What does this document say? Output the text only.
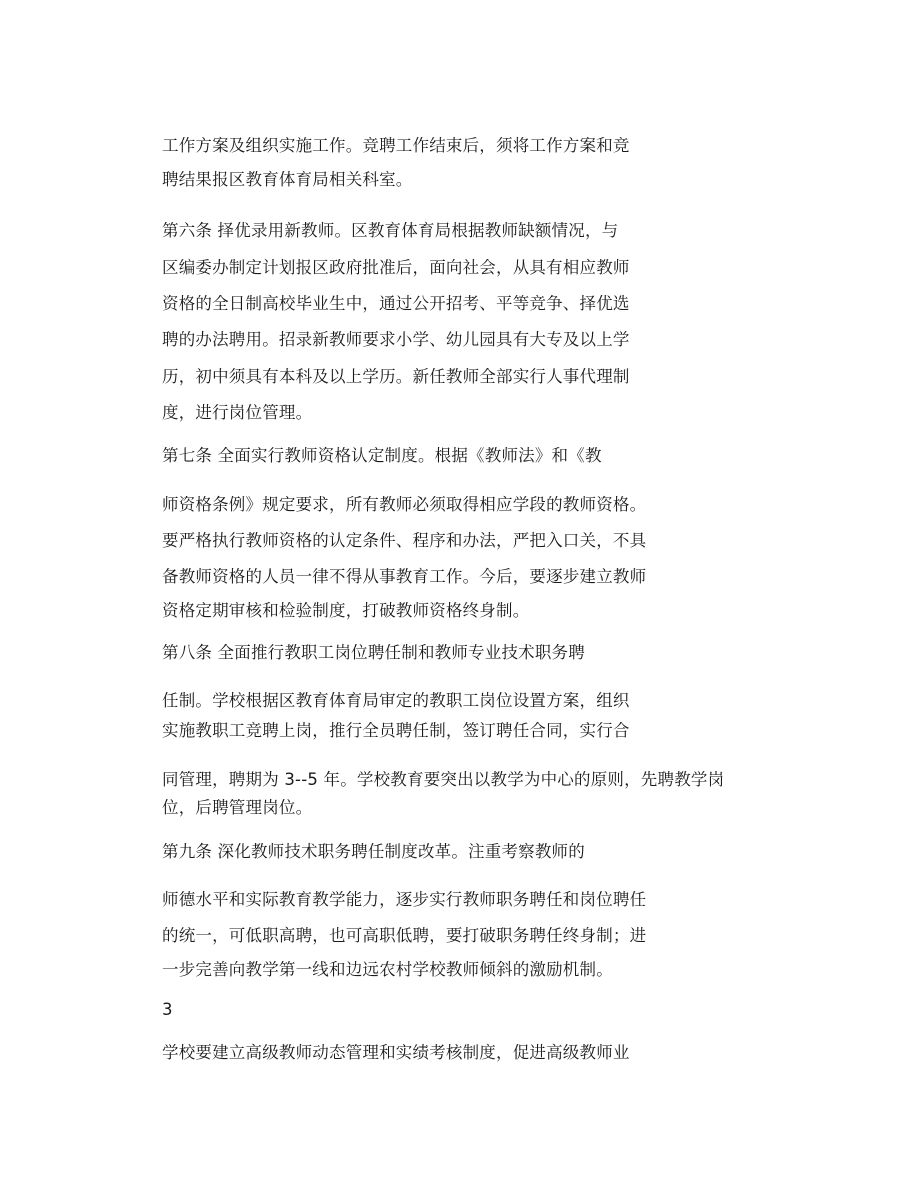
工作方案及组织实施工作。竞聘工作结束后，须将工作方案和竞
聘结果报区教育体育局相关科室。
第六条 择优录用新教师。区教育体育局根据教师缺额情况，与
区编委办制定计划报区政府批准后，面向社会，从具有相应教师
资格的全日制高校毕业生中，通过公开招考、平等竞争、择优选
聘的办法聘用。招录新教师要求小学、幼儿园具有大专及以上学
历，初中须具有本科及以上学历。新任教师全部实行人事代理制
度，进行岗位管理。
第七条 全面实行教师资格认定制度。根据《教师法》和《教
师资格条例》规定要求，所有教师必须取得相应学段的教师资格。
要严格执行教师资格的认定条件、程序和办法，严把入口关，不具
备教师资格的人员一律不得从事教育工作。今后，要逐步建立教师
资格定期审核和检验制度，打破教师资格终身制。
第八条 全面推行教职工岗位聘任制和教师专业技术职务聘
任制。学校根据区教育体育局审定的教职工岗位设置方案，组织
实施教职工竞聘上岗，推行全员聘任制，签订聘任合同，实行合
同管理，聘期为 3--5 年。学校教育要突出以教学为中心的原则，先聘教学岗
位，后聘管理岗位。
第九条 深化教师技术职务聘任制度改革。注重考察教师的
师德水平和实际教育教学能力，逐步实行教师职务聘任和岗位聘任
的统一，可低职高聘，也可高职低聘，要打破职务聘任终身制；进
一步完善向教学第一线和边远农村学校教师倾斜的激励机制。
3
学校要建立高级教师动态管理和实绩考核制度，促进高级教师业
